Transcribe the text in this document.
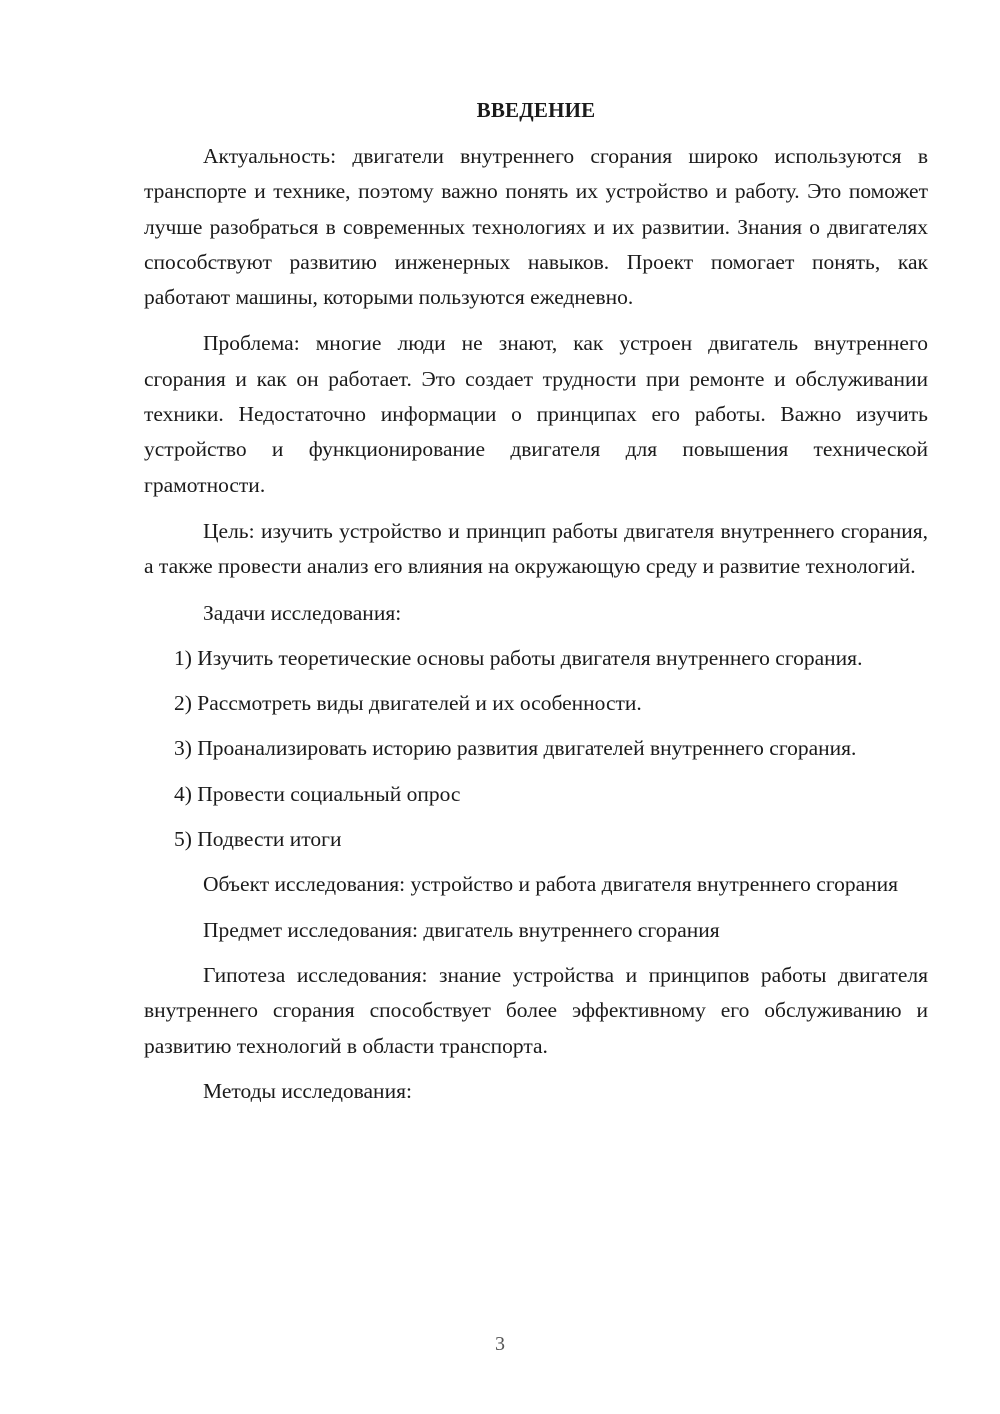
ВВЕДЕНИЕ

Актуальность: двигатели внутреннего сгорания широко используются в транспорте и технике, поэтому важно понять их устройство и работу. Это поможет лучше разобраться в современных технологиях и их развитии. Знания о двигателях способствуют развитию инженерных навыков. Проект помогает понять, как работают машины, которыми пользуются ежедневно.

Проблема: многие люди не знают, как устроен двигатель внутреннего сгорания и как он работает. Это создает трудности при ремонте и обслуживании техники. Недостаточно информации о принципах его работы. Важно изучить устройство и функционирование двигателя для повышения технической грамотности.

Цель: изучить устройство и принцип работы двигателя внутреннего сгорания, а также провести анализ его влияния на окружающую среду и развитие технологий.

Задачи исследования:

1) Изучить теоретические основы работы двигателя внутреннего сгорания.

2) Рассмотреть виды двигателей и их особенности.

3) Проанализировать историю развития двигателей внутреннего сгорания.

4) Провести социальный опрос

5) Подвести итоги

Объект исследования: устройство и работа двигателя внутреннего сгорания

Предмет исследования: двигатель внутреннего сгорания

Гипотеза исследования: знание устройства и принципов работы двигателя внутреннего сгорания способствует более эффективному его обслуживанию и развитию технологий в области транспорта.

Методы исследования:

3
